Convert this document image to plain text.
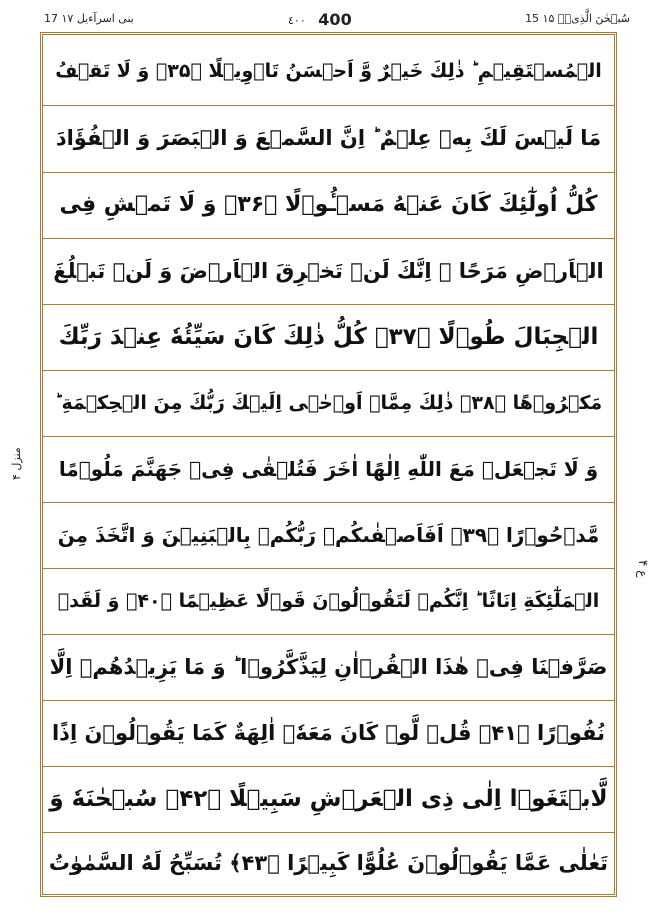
بنی اسرآءیل ۱۷ 17	٤٠٠ 400	15 سُبۡحٰنَ الَّذِیۡۤ ۱۵
منزل ۴
ع ۴
الۡمُسۡتَقِیۡمِ ؕ ذٰلِكَ خَیۡرٌ وَّ اَحۡسَنُ تَاۡوِیۡلًا ﴿۳۵﴾ وَ لَا تَقۡفُ
مَا لَیۡسَ لَكَ بِهٖ عِلۡمٌ ؕ اِنَّ السَّمۡعَ وَ الۡبَصَرَ وَ الۡفُؤَادَ
كُلُّ اُولٰٓئِكَ كَانَ عَنۡهُ مَسۡـُٔوۡلًا ﴿۳۶﴾ وَ لَا تَمۡشِ فِی
الۡاَرۡضِ مَرَحًا ۚ اِنَّكَ لَنۡ تَخۡرِقَ الۡاَرۡضَ وَ لَنۡ تَبۡلُغَ
الۡجِبَالَ طُوۡلًا ﴿۳۷﴾ كُلُّ ذٰلِكَ كَانَ سَیِّئُهٗ عِنۡدَ رَبِّكَ
مَكۡرُوۡهًا ﴿۳۸﴾ ذٰلِكَ مِمَّاۤ اَوۡحٰۤی اِلَیۡكَ رَبُّكَ مِنَ الۡحِكۡمَةِ ؕ
وَ لَا تَجۡعَلۡ مَعَ اللّٰهِ اِلٰهًا اٰخَرَ فَتُلۡقٰی فِیۡ جَهَنَّمَ مَلُوۡمًا
مَّدۡحُوۡرًا ﴿۳۹﴾ اَفَاَصۡفٰىكُمۡ رَبُّكُمۡ بِالۡبَنِیۡنَ وَ اتَّخَذَ مِنَ
الۡمَلٰٓئِكَةِ اِنَاثًا ؕ اِنَّكُمۡ لَتَقُوۡلُوۡنَ قَوۡلًا عَظِیۡمًا ﴿۴۰﴾ وَ لَقَدۡ
صَرَّفۡنَا فِیۡ هٰذَا الۡقُرۡاٰنِ لِیَذَّكَّرُوۡا ؕ وَ مَا یَزِیۡدُهُمۡ اِلَّا
نُفُوۡرًا ﴿۴۱﴾ قُلۡ لَّوۡ كَانَ مَعَهٗۤ اٰلِهَةٌ كَمَا یَقُوۡلُوۡنَ اِذًا
لَّابۡتَغَوۡا اِلٰی ذِی الۡعَرۡشِ سَبِیۡلًا ﴿۴۲﴾ سُبۡحٰنَهٗ وَ
تَعٰلٰی عَمَّا یَقُوۡلُوۡنَ عُلُوًّا كَبِیۡرًا ﴿۴۳﴾ تُسَبِّحُ لَهُ السَّمٰوٰتُ
